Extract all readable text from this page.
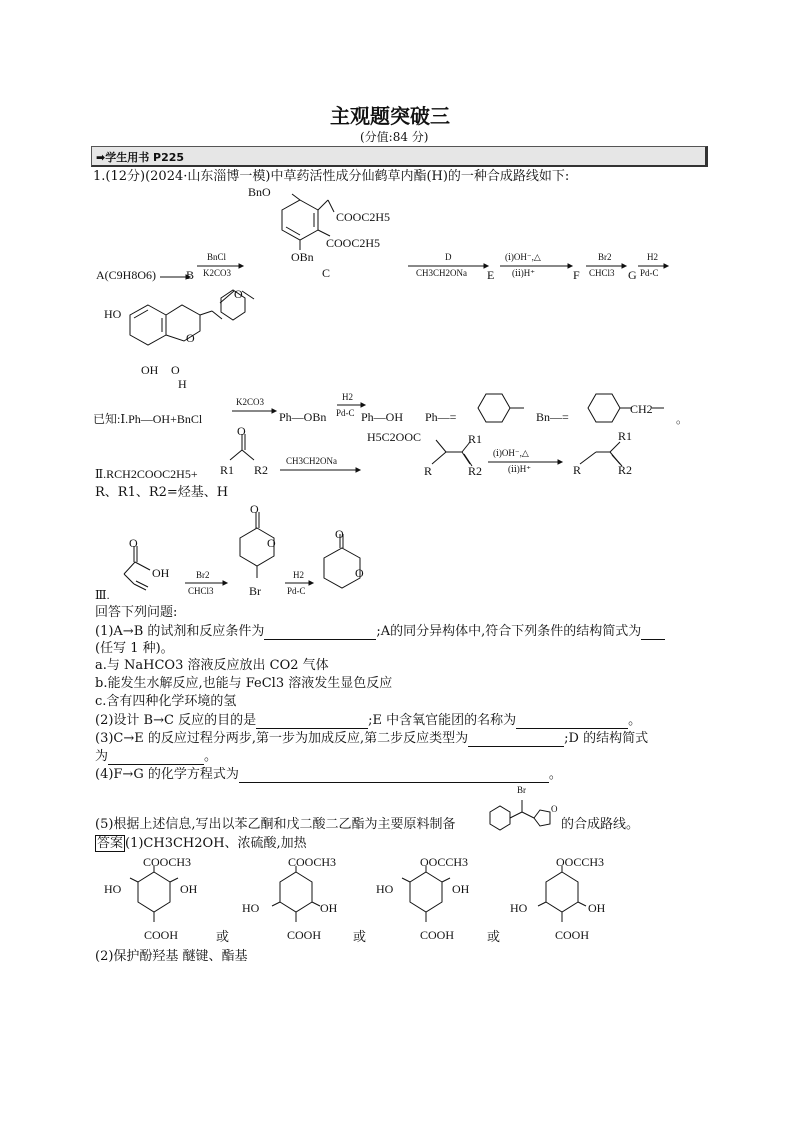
主观题突破三
(分值:84 分)
➡学生用书 P225
1.(12分)(2024·山东淄博一模)中草药活性成分仙鹤草内酯(H)的一种合成路线如下:
A(C9H8O6)	B
BnCl
K2CO3
BnO
COOC2H5
COOC2H5
OBn
C
D
CH3CH2ONa E
(ⅰ)OH⁻,△
(ⅱ)H⁺	F
Br2
CHCl3 G
H2
Pd-C
O
HO
O
OH O
H
已知:Ⅰ.Ph—OH+BnCl
K2CO3
Ph—OBn
H2
Pd-C Ph—OH Ph—=	Bn—=
CH2
。
O
R1 R2
Ⅱ.RCH2COOC2H5+
CH3CH2ONa
H5C2OOC	R1
R	R2
(ⅰ)OH⁻,△
(ⅱ)H⁺
R1
R	R2
R、R1、R2=烃基、H
Ⅲ.
O
OH	Br2
CHCl3
O
O
Br
H2
Pd-C
O
O
回答下列问题:
(1)A→B 的试剂和反应条件为	;A的同分异构体中,符合下列条件的结构简式为
(任写 1 种)。
a.与 NaHCO3 溶液反应放出 CO2 气体
b.能发生水解反应,也能与 FeCl3 溶液发生显色反应
c.含有四种化学环境的氢
(2)设计 B→C 反应的目的是	;E 中含氧官能团的名称为	。
(3)C→E 的反应过程分两步,第一步为加成反应,第二步反应类型为	;D 的结构简式
为	。
(4)F→G 的化学方程式为	。
Br
O
(5)根据上述信息,写出以苯乙酮和戊二酸二乙酯为主要原料制备	的合成路线。
答案 (1)CH3CH2OH、浓硫酸,加热
COOCH3
HO	OH
COOH	或
COOCH3
HO	OH
COOH 或
OOCCH3
HO	OH
COOH	或
OOCCH3
HO	OH
COOH
(2)保护酚羟基 醚键、酯基
